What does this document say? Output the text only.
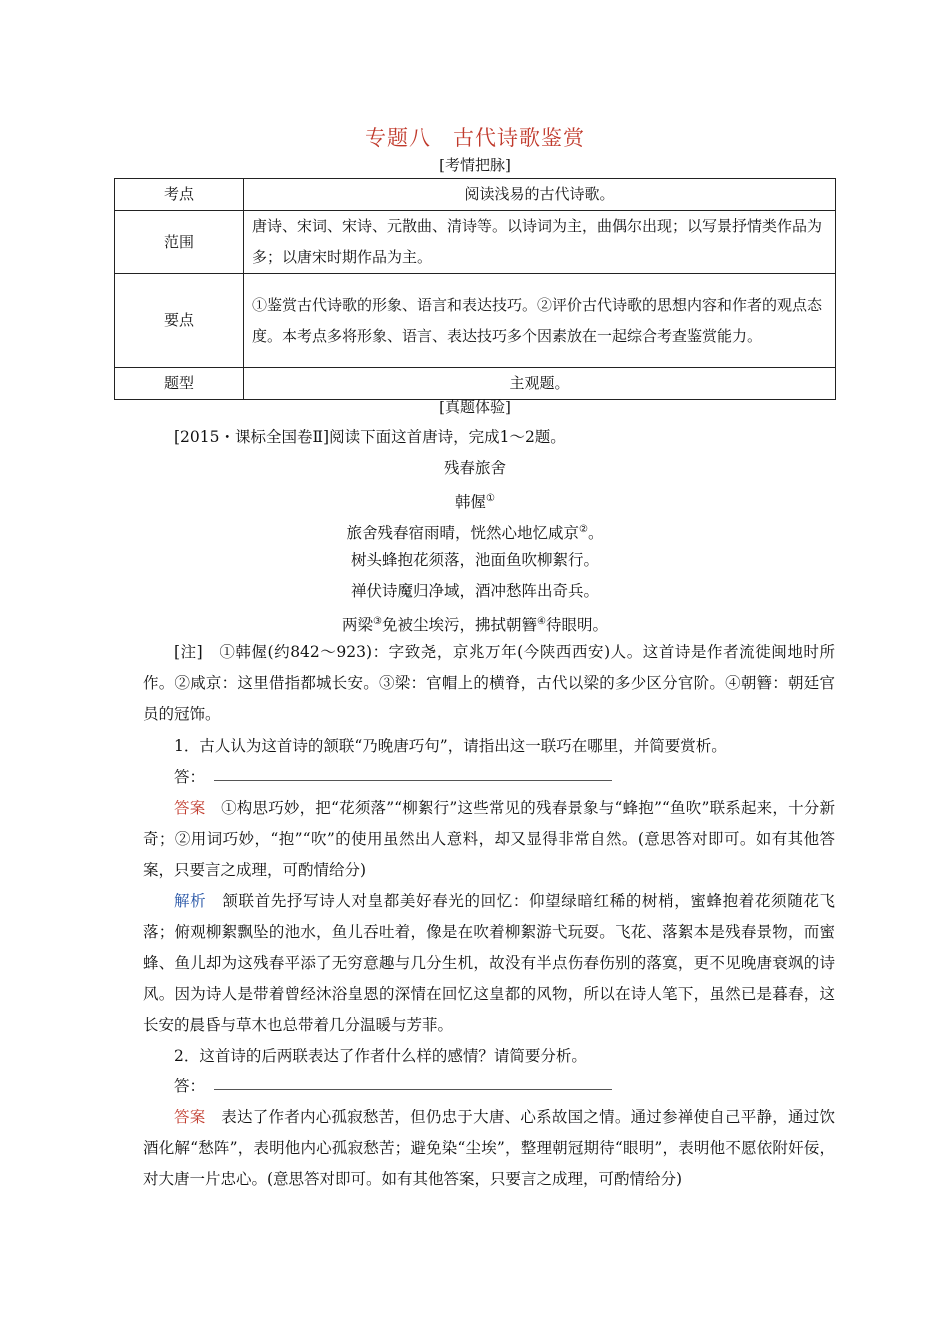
专题八　古代诗歌鉴赏
[考情把脉]
考点	阅读浅易的古代诗歌。
范围	唐诗、宋词、宋诗、元散曲、清诗等。以诗词为主，曲偶尔出现；以写景抒情类作品为多；以唐宋时期作品为主。
要点	①鉴赏古代诗歌的形象、语言和表达技巧。②评价古代诗歌的思想内容和作者的观点态度。本考点多将形象、语言、表达技巧多个因素放在一起综合考查鉴赏能力。
题型	主观题。
[真题体验]
[2015・课标全国卷Ⅱ]阅读下面这首唐诗，完成1～2题。
残春旅舍
韩偓①
旅舍残春宿雨晴，恍然心地忆咸京②。
树头蜂抱花须落，池面鱼吹柳絮行。
禅伏诗魔归净域，酒冲愁阵出奇兵。
两梁③免被尘埃污，拂拭朝簪④待眼明。
[注]　①韩偓(约842～923)：字致尧，京兆万年(今陕西西安)人。这首诗是作者流徙闽地时所作。②咸京：这里借指都城长安。③梁：官帽上的横脊，古代以梁的多少区分官阶。④朝簪：朝廷官员的冠饰。
1．古人认为这首诗的颔联“乃晚唐巧句”，请指出这一联巧在哪里，并简要赏析。
答：
答案　 ①构思巧妙，把“花须落”“柳絮行”这些常见的残春景象与“蜂抱”“鱼吹”联系起来，十分新奇；②用词巧妙，“抱”“吹”的使用虽然出人意料，却又显得非常自然。(意思答对即可。如有其他答案，只要言之成理，可酌情给分)
解析　 颔联首先抒写诗人对皇都美好春光的回忆：仰望绿暗红稀的树梢，蜜蜂抱着花须随花飞落；俯观柳絮飘坠的池水，鱼儿吞吐着，像是在吹着柳絮游弋玩耍。飞花、落絮本是残春景物，而蜜蜂、鱼儿却为这残春平添了无穷意趣与几分生机，故没有半点伤春伤别的落寞，更不见晚唐衰飒的诗风。因为诗人是带着曾经沐浴皇恩的深情在回忆这皇都的风物，所以在诗人笔下，虽然已是暮春，这长安的晨昏与草木也总带着几分温暖与芳菲。
2．这首诗的后两联表达了作者什么样的感情？请简要分析。
答：
答案　 表达了作者内心孤寂愁苦，但仍忠于大唐、心系故国之情。通过参禅使自己平静，通过饮酒化解“愁阵”，表明他内心孤寂愁苦；避免染“尘埃”，整理朝冠期待“眼明”，表明他不愿依附奸佞，对大唐一片忠心。(意思答对即可。如有其他答案，只要言之成理，可酌情给分)
